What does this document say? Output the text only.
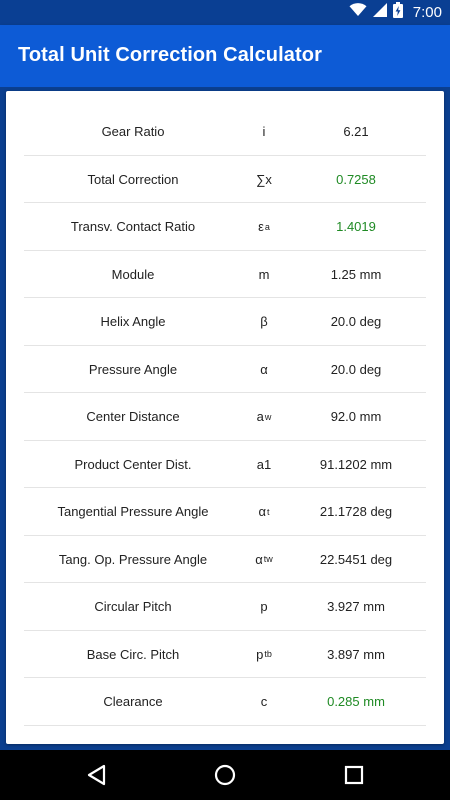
7:00
Total Unit Correction Calculator
Gear Ratio	i	6.21
Total Correction	∑x	0.7258
Transv. Contact Ratio	ε a	1.4019
Module	m	1.25 mm
Helix Angle	β	20.0 deg
Pressure Angle	α	20.0 deg
Center Distance	a w	92.0 mm
Product Center Dist.	a1	91.1202 mm
Tangential Pressure Angle	α t	21.1728 deg
Tang. Op. Pressure Angle	α tw	22.5451 deg
Circular Pitch	p	3.927 mm
Base Circ. Pitch	p tb	3.897 mm
Clearance	c	0.285 mm
